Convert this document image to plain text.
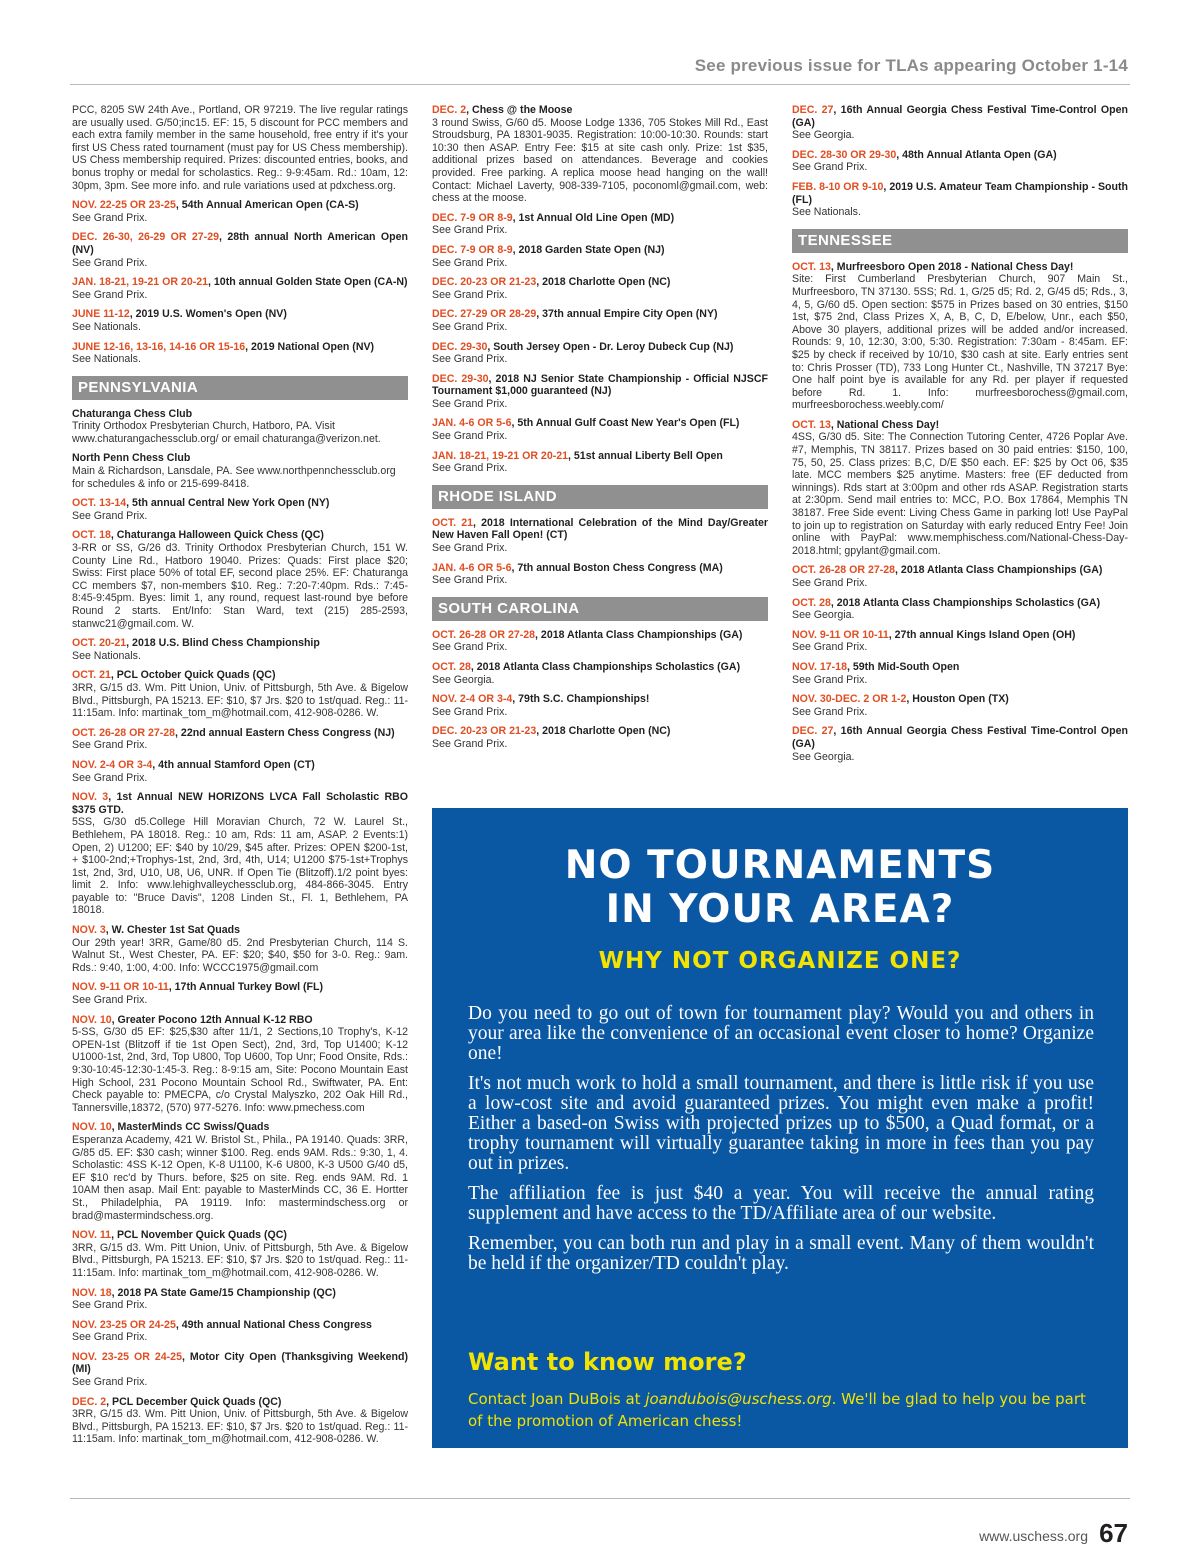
See previous issue for TLAs appearing October 1-14
PCC, 8205 SW 24th Ave., Portland, OR 97219. The live regular ratings are usually used. G/50;inc15. EF: 15, 5 discount for PCC members and each extra family member in the same household, free entry if it's your first US Chess rated tournament (must pay for US Chess membership). US Chess membership required. Prizes: discounted entries, books, and bonus trophy or medal for scholastics. Reg.: 9-9:45am. Rd.: 10am, 12: 30pm, 3pm. See more info. and rule variations used at pdxchess.org.
NOV. 22-25 OR 23-25, 54th Annual American Open (CA-S)
See Grand Prix.
DEC. 26-30, 26-29 OR 27-29, 28th annual North American Open (NV)
See Grand Prix.
JAN. 18-21, 19-21 OR 20-21, 10th annual Golden State Open (CA-N)
See Grand Prix.
JUNE 11-12, 2019 U.S. Women's Open (NV)
See Nationals.
JUNE 12-16, 13-16, 14-16 OR 15-16, 2019 National Open (NV)
See Nationals.
PENNSYLVANIA
Chaturanga Chess Club
Trinity Orthodox Presbyterian Church, Hatboro, PA. Visit www.chaturangachessclub.org/ or email chaturanga@verizon.net.
North Penn Chess Club
Main & Richardson, Lansdale, PA. See www.northpennchessclub.org for schedules & info or 215-699-8418.
OCT. 13-14, 5th annual Central New York Open (NY)
See Grand Prix.
OCT. 18, Chaturanga Halloween Quick Chess (QC)
3-RR or SS, G/26 d3. Trinity Orthodox Presbyterian Church, 151 W. County Line Rd., Hatboro 19040. Prizes: Quads: First place $20; Swiss: First place 50% of total EF, second place 25%. EF: Chaturanga CC members $7, non-members $10. Reg.: 7:20-7:40pm. Rds.: 7:45-8:45-9:45pm. Byes: limit 1, any round, request last-round bye before Round 2 starts. Ent/Info: Stan Ward, text (215) 285-2593, stanwc21@gmail.com. W.
OCT. 20-21, 2018 U.S. Blind Chess Championship
See Nationals.
OCT. 21, PCL October Quick Quads (QC)
3RR, G/15 d3. Wm. Pitt Union, Univ. of Pittsburgh, 5th Ave. & Bigelow Blvd., Pittsburgh, PA 15213. EF: $10, $7 Jrs. $20 to 1st/quad. Reg.: 11-11:15am. Info: martinak_tom_m@hotmail.com, 412-908-0286. W.
OCT. 26-28 OR 27-28, 22nd annual Eastern Chess Congress (NJ)
See Grand Prix.
NOV. 2-4 OR 3-4, 4th annual Stamford Open (CT)
See Grand Prix.
NOV. 3, 1st Annual NEW HORIZONS LVCA Fall Scholastic RBO $375 GTD.
5SS, G/30 d5.College Hill Moravian Church, 72 W. Laurel St., Bethlehem, PA 18018. Reg.: 10 am, Rds: 11 am, ASAP. 2 Events:1) Open, 2) U1200; EF: $40 by 10/29, $45 after. Prizes: OPEN $200-1st, + $100-2nd;+Trophys-1st, 2nd, 3rd, 4th, U14; U1200 $75-1st+Trophys 1st, 2nd, 3rd, U10, U8, U6, UNR. If Open Tie (Blitzoff).1/2 point byes: limit 2. Info: www.lehighvalleychessclub.org, 484-866-3045. Entry payable to: "Bruce Davis", 1208 Linden St., Fl. 1, Bethlehem, PA 18018.
NOV. 3, W. Chester 1st Sat Quads
Our 29th year! 3RR, Game/80 d5. 2nd Presbyterian Church, 114 S. Walnut St., West Chester, PA. EF: $20; $40, $50 for 3-0. Reg.: 9am. Rds.: 9:40, 1:00, 4:00. Info: WCCC1975@gmail.com
NOV. 9-11 OR 10-11, 17th Annual Turkey Bowl (FL)
See Grand Prix.
NOV. 10, Greater Pocono 12th Annual K-12 RBO
5-SS, G/30 d5 EF: $25,$30 after 11/1, 2 Sections,10 Trophy's, K-12 OPEN-1st (Blitzoff if tie 1st Open Sect), 2nd, 3rd, Top U1400; K-12 U1000-1st, 2nd, 3rd, Top U800, Top U600, Top Unr; Food Onsite, Rds.: 9:30-10:45-12:30-1:45-3. Reg.: 8-9:15 am, Site: Pocono Mountain East High School, 231 Pocono Mountain School Rd., Swiftwater, PA. Ent: Check payable to: PMECPA, c/o Crystal Malyszko, 202 Oak Hill Rd., Tannersville,18372, (570) 977-5276. Info: www.pmechess.com
NOV. 10, MasterMinds CC Swiss/Quads
Esperanza Academy, 421 W. Bristol St., Phila., PA 19140. Quads: 3RR, G/85 d5. EF: $30 cash; winner $100. Reg. ends 9AM. Rds.: 9:30, 1, 4. Scholastic: 4SS K-12 Open, K-8 U1100, K-6 U800, K-3 U500 G/40 d5, EF $10 rec'd by Thurs. before, $25 on site. Reg. ends 9AM. Rd. 1 10AM then asap. Mail Ent: payable to MasterMinds CC, 36 E. Hortter St., Philadelphia, PA 19119. Info: mastermindschess.org or brad@mastermindschess.org.
NOV. 11, PCL November Quick Quads (QC)
3RR, G/15 d3. Wm. Pitt Union, Univ. of Pittsburgh, 5th Ave. & Bigelow Blvd., Pittsburgh, PA 15213. EF: $10, $7 Jrs. $20 to 1st/quad. Reg.: 11-11:15am. Info: martinak_tom_m@hotmail.com, 412-908-0286. W.
NOV. 18, 2018 PA State Game/15 Championship (QC)
See Grand Prix.
NOV. 23-25 OR 24-25, 49th annual National Chess Congress
See Grand Prix.
NOV. 23-25 OR 24-25, Motor City Open (Thanksgiving Weekend) (MI)
See Grand Prix.
DEC. 2, PCL December Quick Quads (QC)
3RR, G/15 d3. Wm. Pitt Union, Univ. of Pittsburgh, 5th Ave. & Bigelow Blvd., Pittsburgh, PA 15213. EF: $10, $7 Jrs. $20 to 1st/quad. Reg.: 11-11:15am. Info: martinak_tom_m@hotmail.com, 412-908-0286. W.
DEC. 2, Chess @ the Moose
3 round Swiss, G/60 d5. Moose Lodge 1336, 705 Stokes Mill Rd., East Stroudsburg, PA 18301-9035. Registration: 10:00-10:30. Rounds: start 10:30 then ASAP. Entry Fee: $15 at site cash only. Prize: 1st $35, additional prizes based on attendances. Beverage and cookies provided. Free parking. A replica moose head hanging on the wall! Contact: Michael Laverty, 908-339-7105, poconoml@gmail.com, web: chess at the moose.
DEC. 7-9 OR 8-9, 1st Annual Old Line Open (MD)
See Grand Prix.
DEC. 7-9 OR 8-9, 2018 Garden State Open (NJ)
See Grand Prix.
DEC. 20-23 OR 21-23, 2018 Charlotte Open (NC)
See Grand Prix.
DEC. 27-29 OR 28-29, 37th annual Empire City Open (NY)
See Grand Prix.
DEC. 29-30, South Jersey Open - Dr. Leroy Dubeck Cup (NJ)
See Grand Prix.
DEC. 29-30, 2018 NJ Senior State Championship - Official NJSCF Tournament $1,000 guaranteed (NJ)
See Grand Prix.
JAN. 4-6 OR 5-6, 5th Annual Gulf Coast New Year's Open (FL)
See Grand Prix.
JAN. 18-21, 19-21 OR 20-21, 51st annual Liberty Bell Open
See Grand Prix.
RHODE ISLAND
OCT. 21, 2018 International Celebration of the Mind Day/Greater New Haven Fall Open! (CT)
See Grand Prix.
JAN. 4-6 OR 5-6, 7th annual Boston Chess Congress (MA)
See Grand Prix.
SOUTH CAROLINA
OCT. 26-28 OR 27-28, 2018 Atlanta Class Championships (GA)
See Grand Prix.
OCT. 28, 2018 Atlanta Class Championships Scholastics (GA)
See Georgia.
NOV. 2-4 OR 3-4, 79th S.C. Championships!
See Grand Prix.
DEC. 20-23 OR 21-23, 2018 Charlotte Open (NC)
See Grand Prix.
DEC. 27, 16th Annual Georgia Chess Festival Time-Control Open (GA)
See Georgia.
DEC. 28-30 OR 29-30, 48th Annual Atlanta Open (GA)
See Grand Prix.
FEB. 8-10 OR 9-10, 2019 U.S. Amateur Team Championship - South (FL)
See Nationals.
TENNESSEE
OCT. 13, Murfreesboro Open 2018 - National Chess Day!
Site: First Cumberland Presbyterian Church, 907 Main St., Murfreesboro, TN 37130. 5SS; Rd. 1, G/25 d5; Rd. 2, G/45 d5; Rds., 3, 4, 5, G/60 d5. Open section: $575 in Prizes based on 30 entries, $150 1st, $75 2nd, Class Prizes X, A, B, C, D, E/below, Unr., each $50, Above 30 players, additional prizes will be added and/or increased. Rounds: 9, 10, 12:30, 3:00, 5:30. Registration: 7:30am - 8:45am. EF: $25 by check if received by 10/10, $30 cash at site. Early entries sent to: Chris Prosser (TD), 733 Long Hunter Ct., Nashville, TN 37217 Bye: One half point bye is available for any Rd. per player if requested before Rd. 1. Info: murfreesborochess@gmail.com, murfreesborochess.weebly.com/
OCT. 13, National Chess Day!
4SS, G/30 d5. Site: The Connection Tutoring Center, 4726 Poplar Ave. #7, Memphis, TN 38117. Prizes based on 30 paid entries: $150, 100, 75, 50, 25. Class prizes: B,C, D/E $50 each. EF: $25 by Oct 06, $35 late. MCC members $25 anytime. Masters: free (EF deducted from winnings). Rds start at 3:00pm and other rds ASAP. Registration starts at 2:30pm. Send mail entries to: MCC, P.O. Box 17864, Memphis TN 38187. Free Side event: Living Chess Game in parking lot! Use PayPal to join up to registration on Saturday with early reduced Entry Fee! Join online with PayPal: www.memphischess.com/National-Chess-Day-2018.html; gpylant@gmail.com.
OCT. 26-28 OR 27-28, 2018 Atlanta Class Championships (GA)
See Grand Prix.
OCT. 28, 2018 Atlanta Class Championships Scholastics (GA)
See Georgia.
NOV. 9-11 OR 10-11, 27th annual Kings Island Open (OH)
See Grand Prix.
NOV. 17-18, 59th Mid-South Open
See Grand Prix.
NOV. 30-DEC. 2 OR 1-2, Houston Open (TX)
See Grand Prix.
DEC. 27, 16th Annual Georgia Chess Festival Time-Control Open (GA)
See Georgia.
NO TOURNAMENTS
IN YOUR AREA?
WHY NOT ORGANIZE ONE?

Do you need to go out of town for tournament play? Would you and others in your area like the convenience of an occasional event closer to home? Organize one!

It's not much work to hold a small tournament, and there is little risk if you use a low-cost site and avoid guaranteed prizes. You might even make a profit! Either a based-on Swiss with projected prizes up to $500, a Quad format, or a trophy tournament will virtually guarantee taking in more in fees than you pay out in prizes.

The affiliation fee is just $40 a year. You will receive the annual rating supplement and have access to the TD/Affiliate area of our website.

Remember, you can both run and play in a small event. Many of them wouldn't be held if the organizer/TD couldn't play.

Want to know more?
Contact Joan DuBois at joandubois@uschess.org. We'll be glad to help you be part of the promotion of American chess!
www.uschess.org 67
